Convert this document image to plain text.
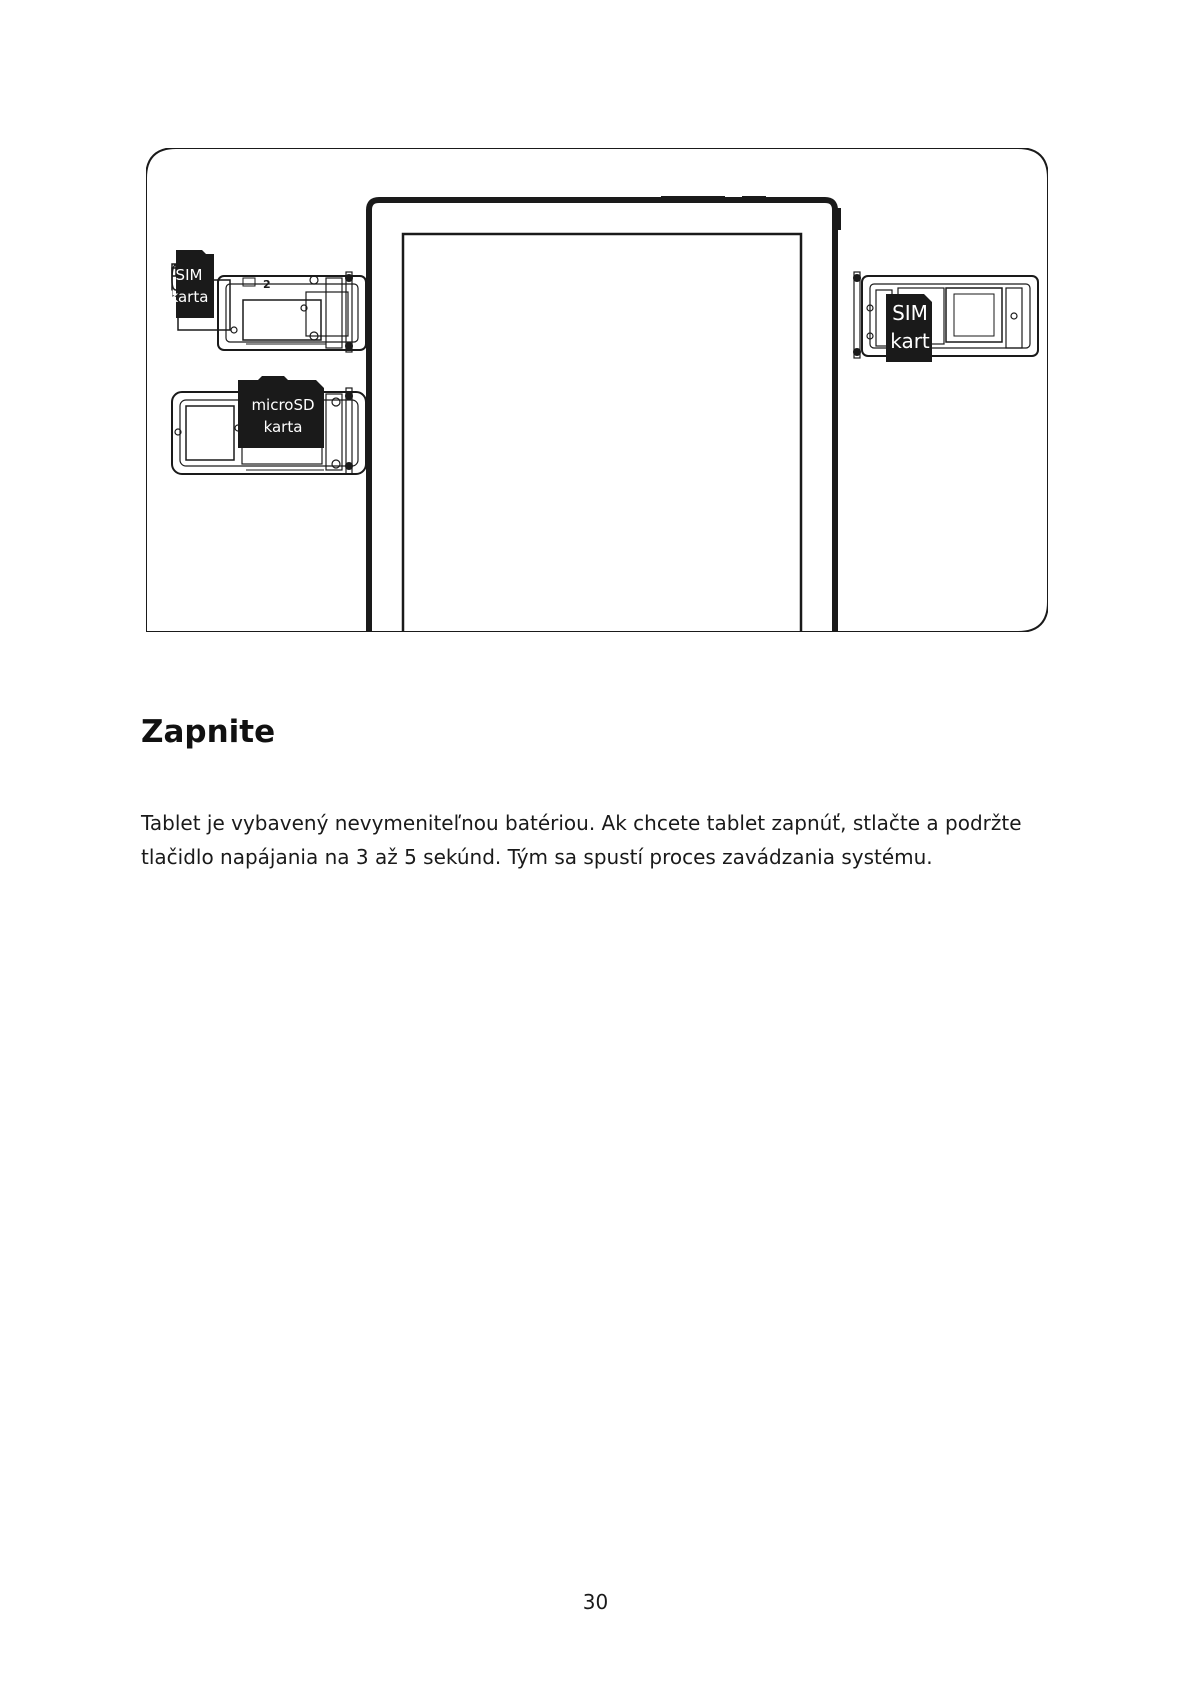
2
SIM
karta
microSD
karta
SIM
kart
Zapnite

Tablet je vybavený nevymeniteľnou batériou. Ak chcete tablet zapnúť, stlačte a podržte tlačidlo napájania na 3 až 5 sekúnd. Tým sa spustí proces zavádzania systému.

30
